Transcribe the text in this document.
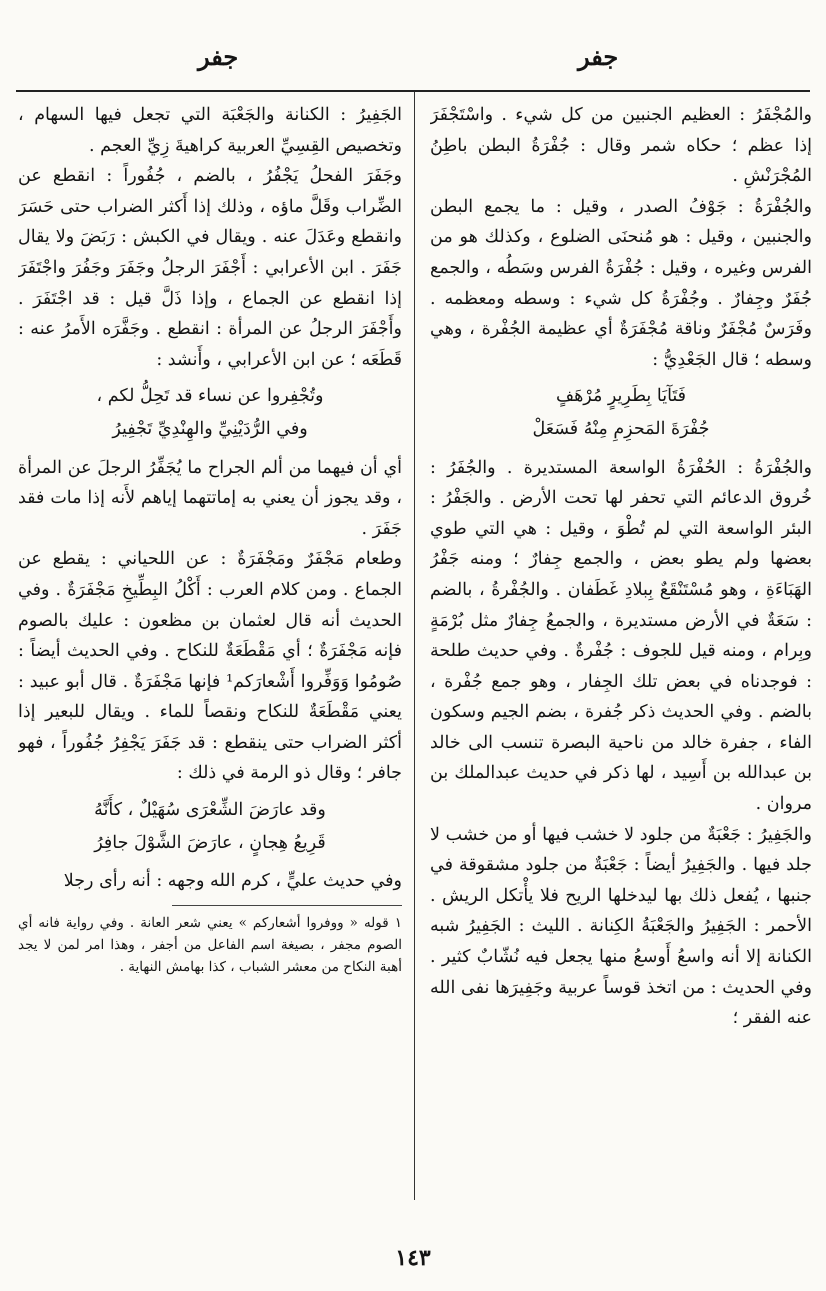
جفر	جفر

والمُجْفَرُ : العظيم الجنبين من كل شيء . واسْتَجْفَرَ إذا عظم ؛ حكاه شمر وقال : جُفْرَةُ البطن باطِنُ المُجْرَنْشِ .

والجُفْرَةُ : جَوْفُ الصدر ، وقيل : ما يجمع البطن والجنبين ، وقيل : هو مُنحنَى الضلوع ، وكذلك هو من الفرس وغيره ، وقيل : جُفْرَةُ الفرس وسَطُه ، والجمع جُفَرٌ وجِفارٌ . وجُفْرَةُ كل شيء : وسطه ومعظمه . وفَرَسٌ مُجْفَرٌ وناقة مُجْفَرَةٌ أي عظيمة الجُفْرة ، وهي وسطه ؛ قال الجَعْدِيُّ :

فَتَآيَا بِطَرِيرٍ مُرْهَفٍ

جُفْرَةَ المَحزِمِ مِنْهُ فَسَعَلْ

والجُفْرَةُ : الحُفْرَةُ الواسعة المستديرة . والجُفَرُ : خُروق الدعائم التي تحفر لها تحت الأرض . والجَفْرُ : البئر الواسعة التي لم تُطْوَ ، وقيل : هي التي طوي بعضها ولم يطو بعض ، والجمع جِفارٌ ؛ ومنه جَفْرُ الهَبَاءَةِ ، وهو مُسْتَنْقَعٌ بِبلادِ غَطَفان . والجُفْرةُ ، بالضم : سَعَةٌ في الأرض مستديرة ، والجمعُ جِفارٌ مثل بُرْمَةٍ وبِرام ، ومنه قيل للجوف : جُفْرةٌ . وفي حديث طلحة : فوجدناه في بعض تلك الجِفار ، وهو جمع جُفْرة ، بالضم . وفي الحديث ذكر جُفرة ، بضم الجيم وسكون الفاء ، جفرة خالد من ناحية البصرة تنسب الى خالد بن عبدالله بن أَسِيد ، لها ذكر في حديث عبدالملك بن مروان .

والجَفِيرُ : جَعْبَةٌ من جلود لا خشب فيها أو من خشب لا جلد فيها . والجَفِيرُ أيضاً : جَعْبَةٌ من جلود مشقوقة في جنبها ، يُفعل ذلك بها ليدخلها الريح فلا يأْتكل الريش . الأحمر : الجَفِيرُ والجَعْبَةُ الكِنانة . الليث : الجَفِيرُ شبه الكنانة إلا أنه واسعُ أَوسعُ منها يجعل فيه نُشّابٌ كثير . وفي الحديث : من اتخذ قوساً عربية وجَفِيرَها نفى الله عنه الفقر ؛

الجَفِيرُ : الكنانة والجَعْبَة التي تجعل فيها السهام ، وتخصيص القِسِيِّ العربية كراهيةَ زِيِّ العجم .

وجَفَرَ الفحلُ يَجْفُرُ ، بالضم ، جُفُوراً : انقطع عن الضِّراب وقَلَّ ماؤه ، وذلك إذا أَكثر الضراب حتى حَسَرَ وانقطع وعَدَلَ عنه . ويقال في الكبش : رَبَضَ ولا يقال جَفَرَ . ابن الأعرابي : أَجْفَرَ الرجلُ وجَفَرَ وجَفُرَ واجْتَفَرَ إذا انقطع عن الجماع ، وإذا ذَلَّ قيل : قد اجْتَفَرَ . وأَجْفَرَ الرجلُ عن المرأة : انقطع . وجَفَّرَه الأَمرُ عنه : قَطَعَه ؛ عن ابن الأعرابي ، وأَنشد :

وتُجْفِروا عن نساء قد تَحِلُّ لكم ،

وفي الرُّدَيْنِيِّ والهِنْدِيِّ تَجْفِيرُ

أي أن فيهما من ألم الجراح ما يُجَفِّرُ الرجلَ عن المرأة ، وقد يجوز أن يعني به إماتتهما إياهم لأَنه إذا مات فقد جَفَرَ .

وطعام مَجْفَرٌ ومَجْفَرَةٌ : عن اللحياني : يقطع عن الجماع . ومن كلام العرب : أَكْلُ البِطِّيخِ مَجْفَرَةٌ . وفي الحديث أنه قال لعثمان بن مظعون : عليك بالصوم فإنه مَجْفَرَةٌ ؛ أي مَقْطَعَةٌ للنكاح . وفي الحديث أيضاً : صُومُوا وَوَفِّروا أَشْعارَكم¹ فإنها مَجْفَرَةٌ . قال أبو عبيد : يعني مَقْطَعَةٌ للنكاح ونقصاً للماء . ويقال للبعير إذا أكثر الضراب حتى ينقطع : قد جَفَرَ يَجْفِرُ جُفُوراً ، فهو جافر ؛ وقال ذو الرمة في ذلك :

وقد عارَضَ الشِّعْرَى سُهَيْلٌ ، كأَنَّهُ

قَرِيعُ هِجانٍ ، عارَضَ الشَّوْلَ جافِرُ

وفي حديث عليٍّ ، كرم الله وجهه : أنه رأى رجلا

١ قوله « ووفروا أشعاركم » يعني شعر العانة . وفي رواية فانه أي الصوم مجفر ، بصيغة اسم الفاعل من أجفر ، وهذا امر لمن لا يجد أهبة النكاح من معشر الشباب ، كذا بهامش النهاية .

١٤٣
